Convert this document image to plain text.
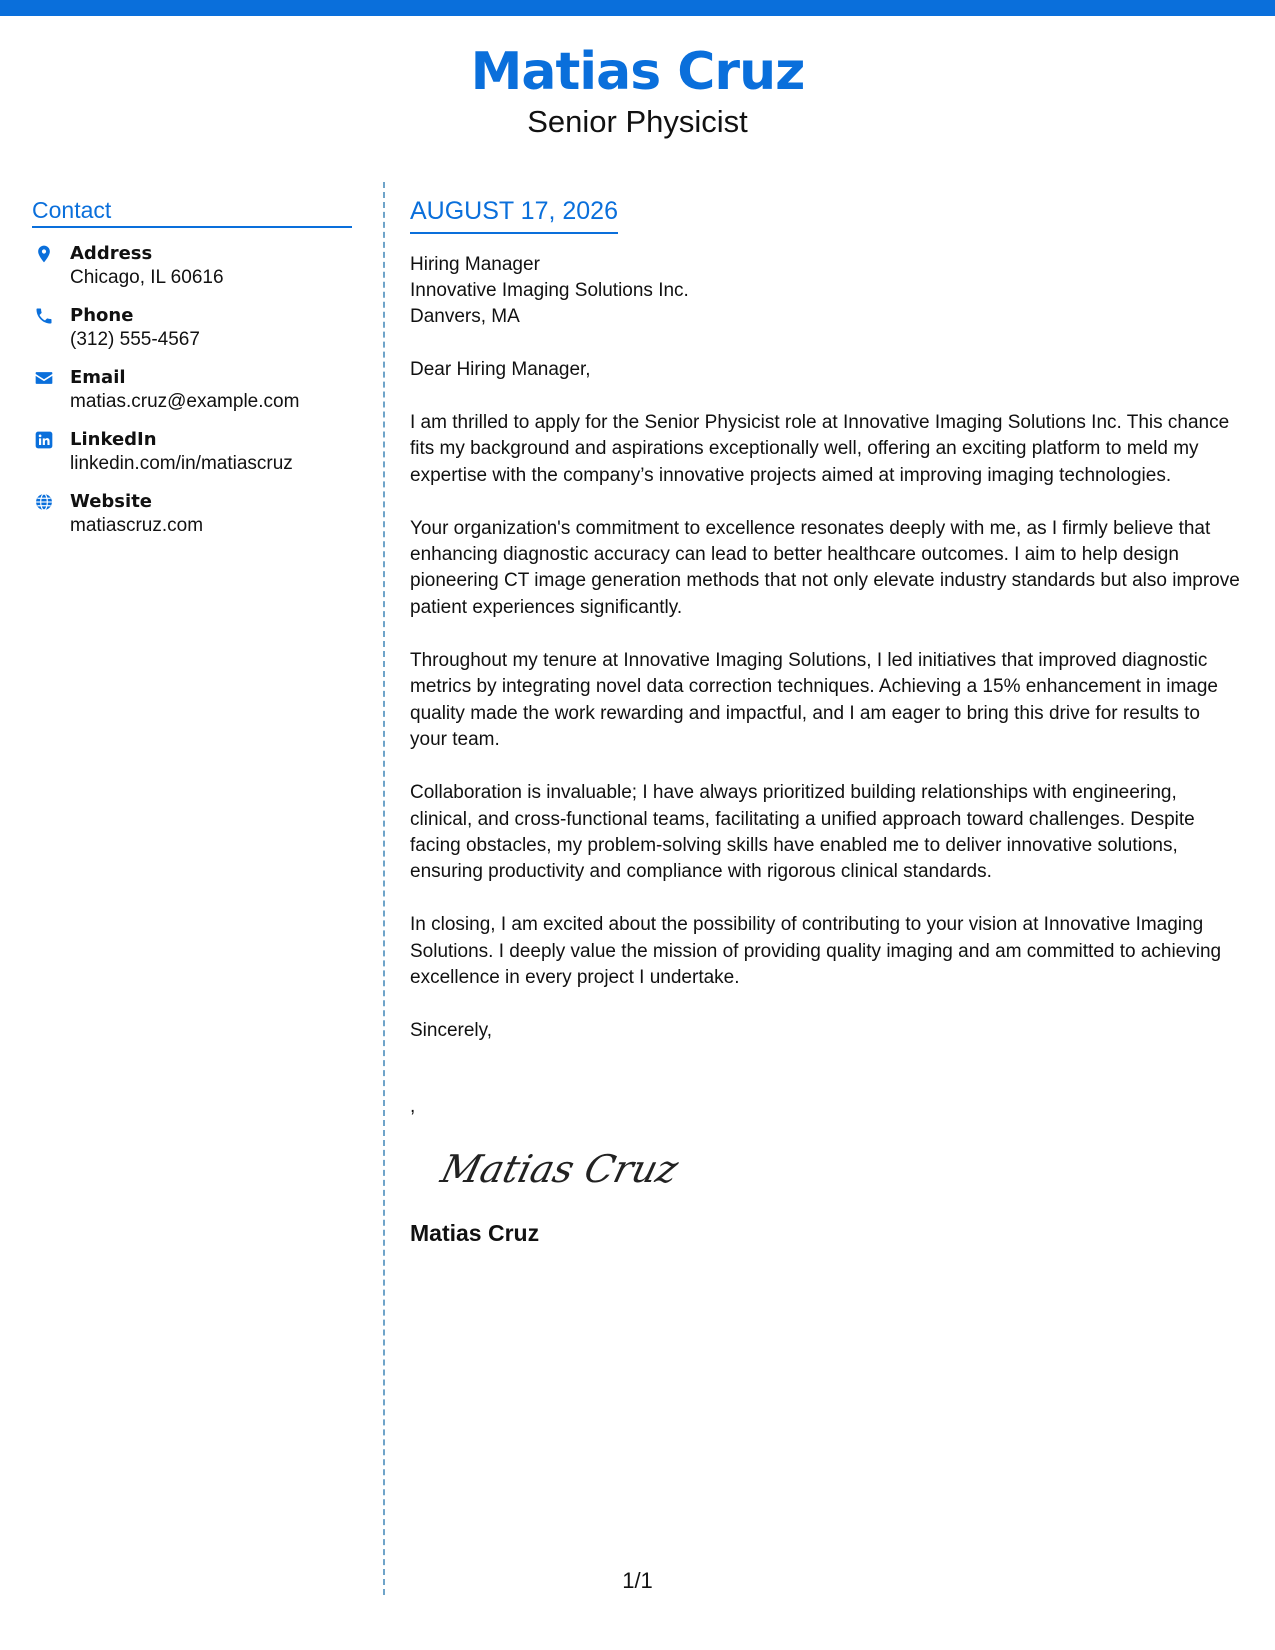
Matias Cruz
Senior Physicist
Contact
Address
Chicago, IL 60616
Phone
(312) 555-4567
Email
matias.cruz@example.com
LinkedIn
linkedin.com/in/matiascruz
Website
matiascruz.com
AUGUST 17, 2026
Hiring Manager
Innovative Imaging Solutions Inc.
Danvers, MA
Dear Hiring Manager,
I am thrilled to apply for the Senior Physicist role at Innovative Imaging Solutions Inc. This chance fits my background and aspirations exceptionally well, offering an exciting platform to meld my expertise with the company’s innovative projects aimed at improving imaging technologies.
Your organization's commitment to excellence resonates deeply with me, as I firmly believe that enhancing diagnostic accuracy can lead to better healthcare outcomes. I aim to help design pioneering CT image generation methods that not only elevate industry standards but also improve patient experiences significantly.
Throughout my tenure at Innovative Imaging Solutions, I led initiatives that improved diagnostic metrics by integrating novel data correction techniques. Achieving a 15% enhancement in image quality made the work rewarding and impactful, and I am eager to bring this drive for results to your team.
Collaboration is invaluable; I have always prioritized building relationships with engineering, clinical, and cross-functional teams, facilitating a unified approach toward challenges. Despite facing obstacles, my problem-solving skills have enabled me to deliver innovative solutions, ensuring productivity and compliance with rigorous clinical standards.
In closing, I am excited about the possibility of contributing to your vision at Innovative Imaging Solutions. I deeply value the mission of providing quality imaging and am committed to achieving excellence in every project I undertake.
Sincerely,
,
Matias Cruz
Matias Cruz
1/1
